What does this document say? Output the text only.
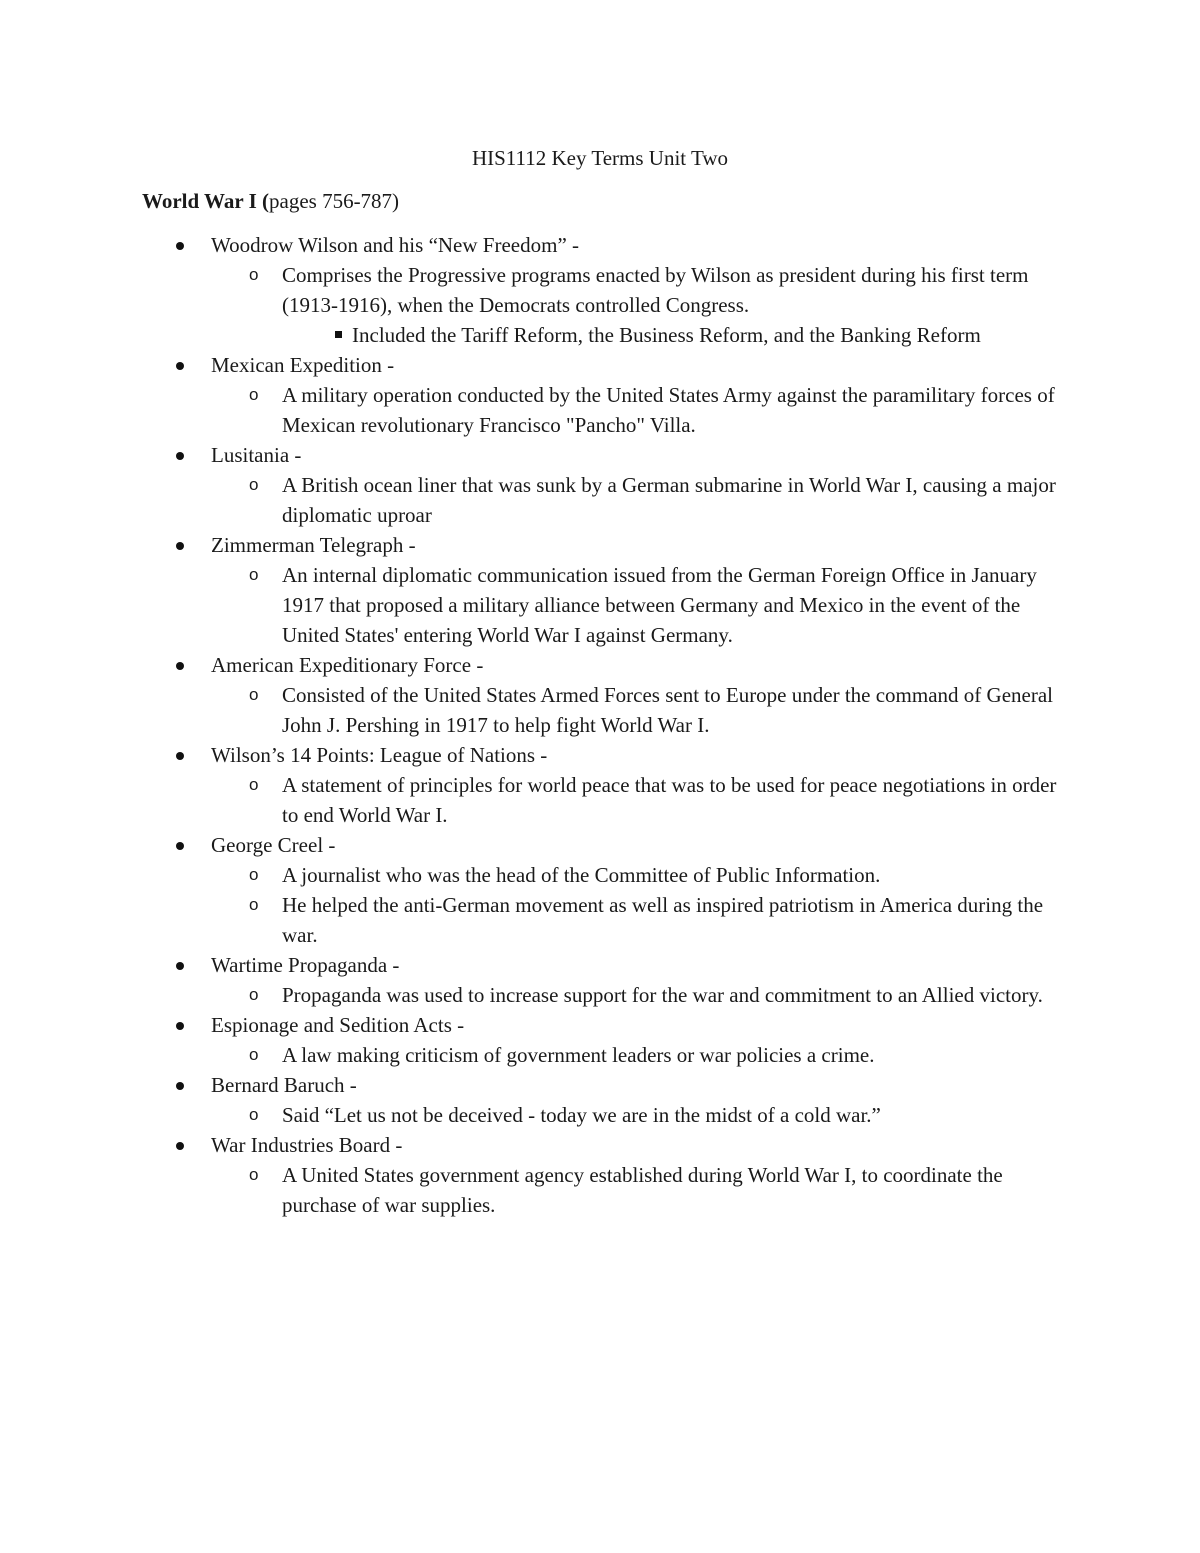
HIS1112 Key Terms Unit Two
World War I (pages 756-787)
Woodrow Wilson and his “New Freedom” -
o Comprises the Progressive programs enacted by Wilson as president during his first term (1913-1916), when the Democrats controlled Congress.
Included the Tariff Reform, the Business Reform, and the Banking Reform
Mexican Expedition -
o A military operation conducted by the United States Army against the paramilitary forces of Mexican revolutionary Francisco "Pancho" Villa.
Lusitania -
o A British ocean liner that was sunk by a German submarine in World War I, causing a major diplomatic uproar
Zimmerman Telegraph -
o An internal diplomatic communication issued from the German Foreign Office in January 1917 that proposed a military alliance between Germany and Mexico in the event of the United States' entering World War I against Germany.
American Expeditionary Force -
o Consisted of the United States Armed Forces sent to Europe under the command of General John J. Pershing in 1917 to help fight World War I.
Wilson’s 14 Points: League of Nations -
o A statement of principles for world peace that was to be used for peace negotiations in order to end World War I.
George Creel -
o A journalist who was the head of the Committee of Public Information.
o He helped the anti-German movement as well as inspired patriotism in America during the war.
Wartime Propaganda -
o Propaganda was used to increase support for the war and commitment to an Allied victory.
Espionage and Sedition Acts -
o A law making criticism of government leaders or war policies a crime.
Bernard Baruch -
o Said “Let us not be deceived - today we are in the midst of a cold war.”
War Industries Board -
o A United States government agency established during World War I, to coordinate the purchase of war supplies.
